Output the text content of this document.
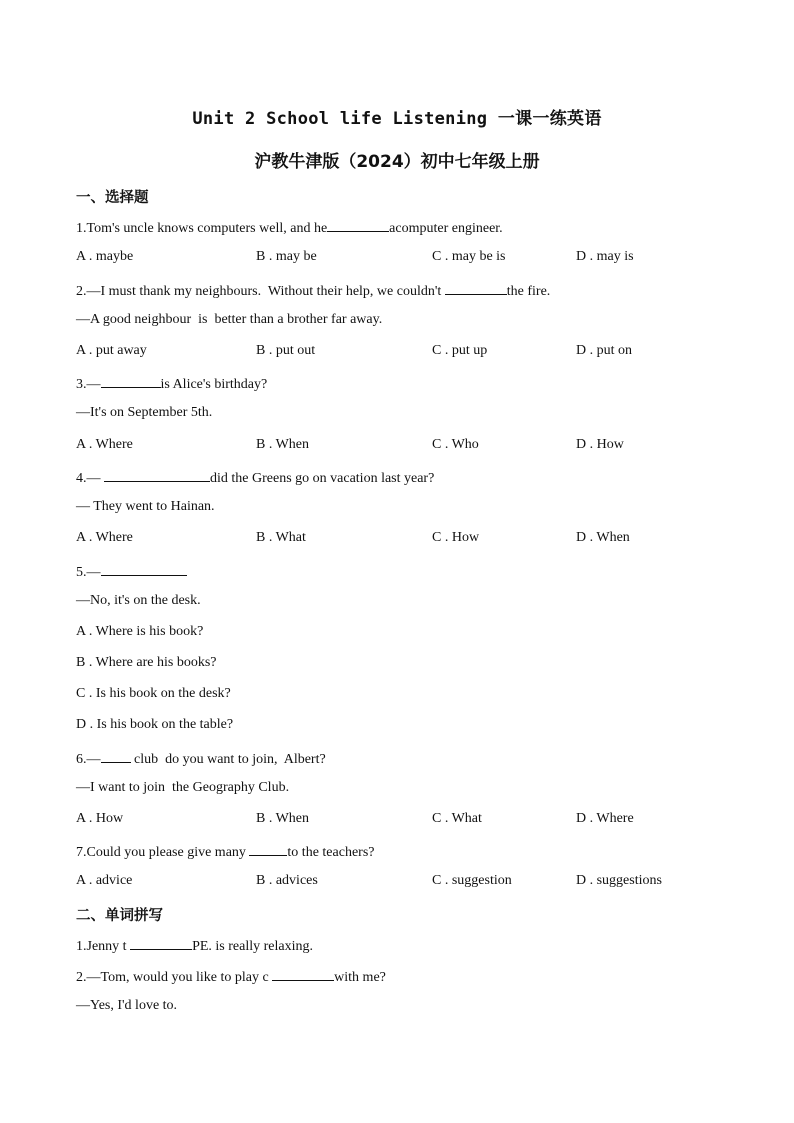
Unit 2 School life Listening 一课一练英语
沪教牛津版（2024）初中七年级上册
一、选择题
1.Tom's uncle knows computers well, and he	acomputer engineer.
A . maybe	B . may be	C . may be is	D . may is
2.—I must thank my neighbours.  Without their help, we couldn't	the fire.
—A good neighbour  is  better than a brother far away.
A . put away	B . put out	C . put up	D . put on
3.—	is Alice's birthday?
—It's on September 5th.
A . Where	B . When	C . Who	D . How
4.—	did the Greens go on vacation last year?
— They went to Hainan.
A . Where	B . What	C . How	D . When
5.—
—No, it's on the desk.
A . Where is his book?
B . Where are his books?
C . Is his book on the desk?
D . Is his book on the table?
6.— club  do you want to join,  Albert?
—I want to join  the Geography Club.
A . How	B . When	C . What	D . Where
7.Could you please give many	to the teachers?
A . advice	B . advices	C . suggestion	D . suggestions
二、单词拼写
1.Jenny t	PE. is really relaxing.
2.—Tom, would you like to play c	with me?
—Yes, I'd love to.
